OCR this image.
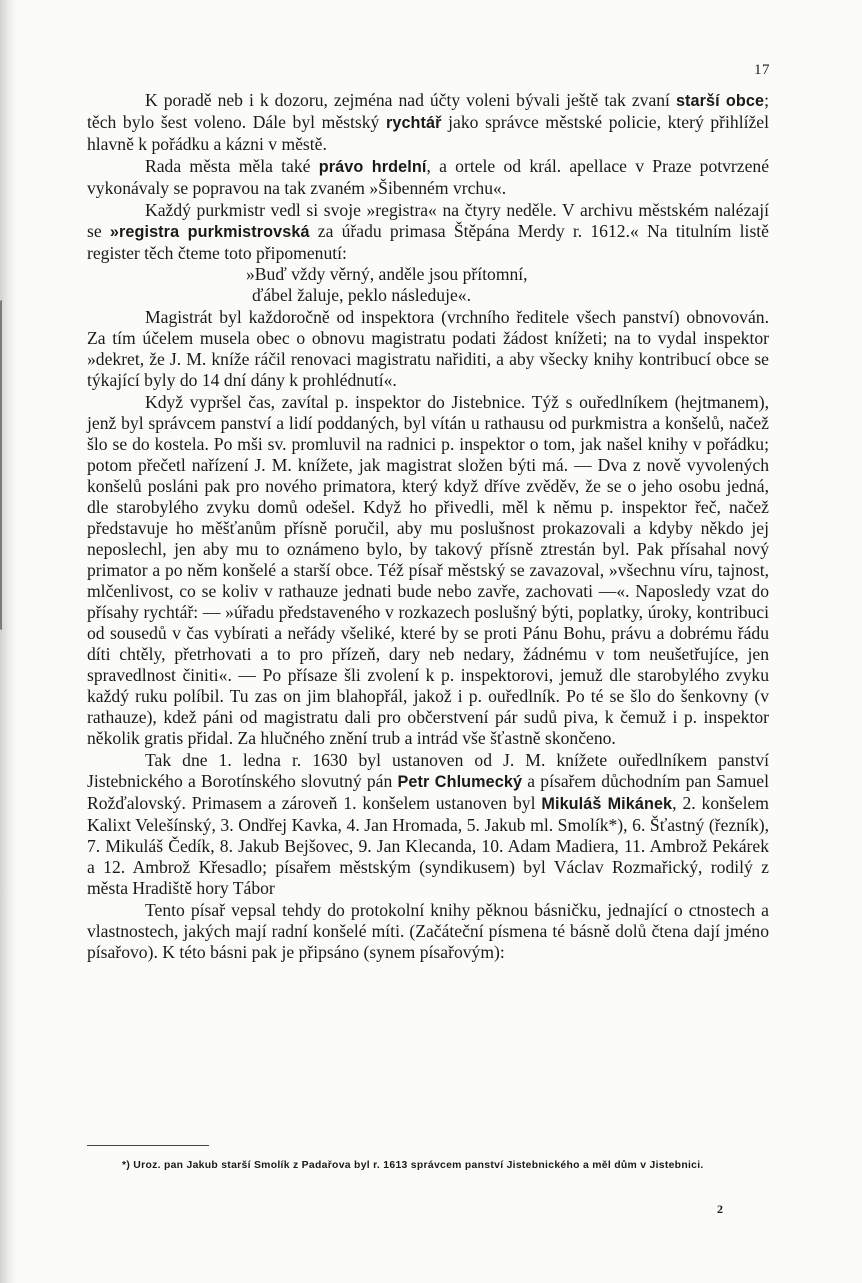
17

K poradě neb i k dozoru, zejména nad účty voleni bývali ještě tak zvaní starší obce; těch bylo šest voleno. Dále byl městský rychtář jako správce městské policie, který přihlížel hlavně k pořádku a kázni v městě.

Rada města měla také právo hrdelní, a ortele od král. apellace v Praze potvrzené vykonávaly se popravou na tak zvaném »Šibenném vrchu«.

Každý purkmistr vedl si svoje »registra« na čtyry neděle. V archivu městském nalézají se »registra purkmistrovská za úřadu primasa Štěpána Merdy r. 1612.« Na titulním listě register těch čteme toto připomenutí:

»Buď vždy věrný, anděle jsou přítomní,
ďábel žaluje, peklo následuje«.

Magistrát byl každoročně od inspektora (vrchního ředitele všech panství) obnovován. Za tím účelem musela obec o obnovu magistratu podati žádost knížeti; na to vydal inspektor »dekret, že J. M. kníže ráčil renovaci magistratu nařiditi, a aby všecky knihy kontribucí obce se týkající byly do 14 dní dány k prohlédnutí«.

Když vypršel čas, zavítal p. inspektor do Jistebnice. Týž s ouředlníkem (hejtmanem), jenž byl správcem panství a lidí poddaných, byl vítán u rathausu od purkmistra a konšelů, načež šlo se do kostela. Po mši sv. promluvil na radnici p. inspektor o tom, jak našel knihy v pořádku; potom přečetl nařízení J. M. knížete, jak magistrat složen býti má. — Dva z nově vyvolených konšelů posláni pak pro nového primatora, který když dříve zvěděv, že se o jeho osobu jedná, dle starobylého zvyku domů odešel. Když ho přivedli, měl k němu p. inspektor řeč, načež představuje ho měšťanům přísně poručil, aby mu poslušnost prokazovali a kdyby někdo jej neposlechl, jen aby mu to oznámeno bylo, by takový přísně ztrestán byl. Pak přísahal nový primator a po něm konšelé a starší obce. Též písař městský se zavazoval, »všechnu víru, tajnost, mlčenlivost, co se koliv v rathauze jednati bude nebo zavře, zachovati —«. Naposledy vzat do přísahy rychtář: — »úřadu představeného v rozkazech poslušný býti, poplatky, úroky, kontribuci od sousedů v čas vybírati a neřády všeliké, které by se proti Pánu Bohu, právu a dobrému řádu díti chtěly, přetrhovati a to pro přízeň, dary neb nedary, žádnému v tom neušetřujíce, jen spravedlnost činiti«. — Po přísaze šli zvolení k p. inspektorovi, jemuž dle starobylého zvyku každý ruku políbil. Tu zas on jim blahopřál, jakož i p. ouředlník. Po té se šlo do šenkovny (v rathauze), kdež páni od magistratu dali pro občerstvení pár sudů piva, k čemuž i p. inspektor několik gratis přidal. Za hlučného znění trub a intrád vše šťastně skončeno.

Tak dne 1. ledna r. 1630 byl ustanoven od J. M. knížete ouředlníkem panství Jistebnického a Borotínského slovutný pán Petr Chlumecký a písařem důchodním pan Samuel Rožďalovský. Primasem a zároveň 1. konšelem ustanoven byl Mikuláš Mikánek, 2. konšelem Kalixt Velešínský, 3. Ondřej Kavka, 4. Jan Hromada, 5. Jakub ml. Smolík*), 6. Šťastný (řezník), 7. Mikuláš Čedík, 8. Jakub Bejšovec, 9. Jan Klecanda, 10. Adam Madiera, 11. Ambrož Pekárek a 12. Ambrož Křesadlo; písařem městským (syndikusem) byl Václav Rozmařický, rodilý z města Hradiště hory Tábor

Tento písař vepsal tehdy do protokolní knihy pěknou básničku, jednající o ctnostech a vlastnostech, jakých mají radní konšelé míti. (Začáteční písmena té básně dolů čtena dají jméno písařovo). K této básni pak je připsáno (synem písařovým):

*) Uroz. pan Jakub starší Smolík z Padařova byl r. 1613 správcem panství Jistebnického a měl dům v Jistebnici.
2
